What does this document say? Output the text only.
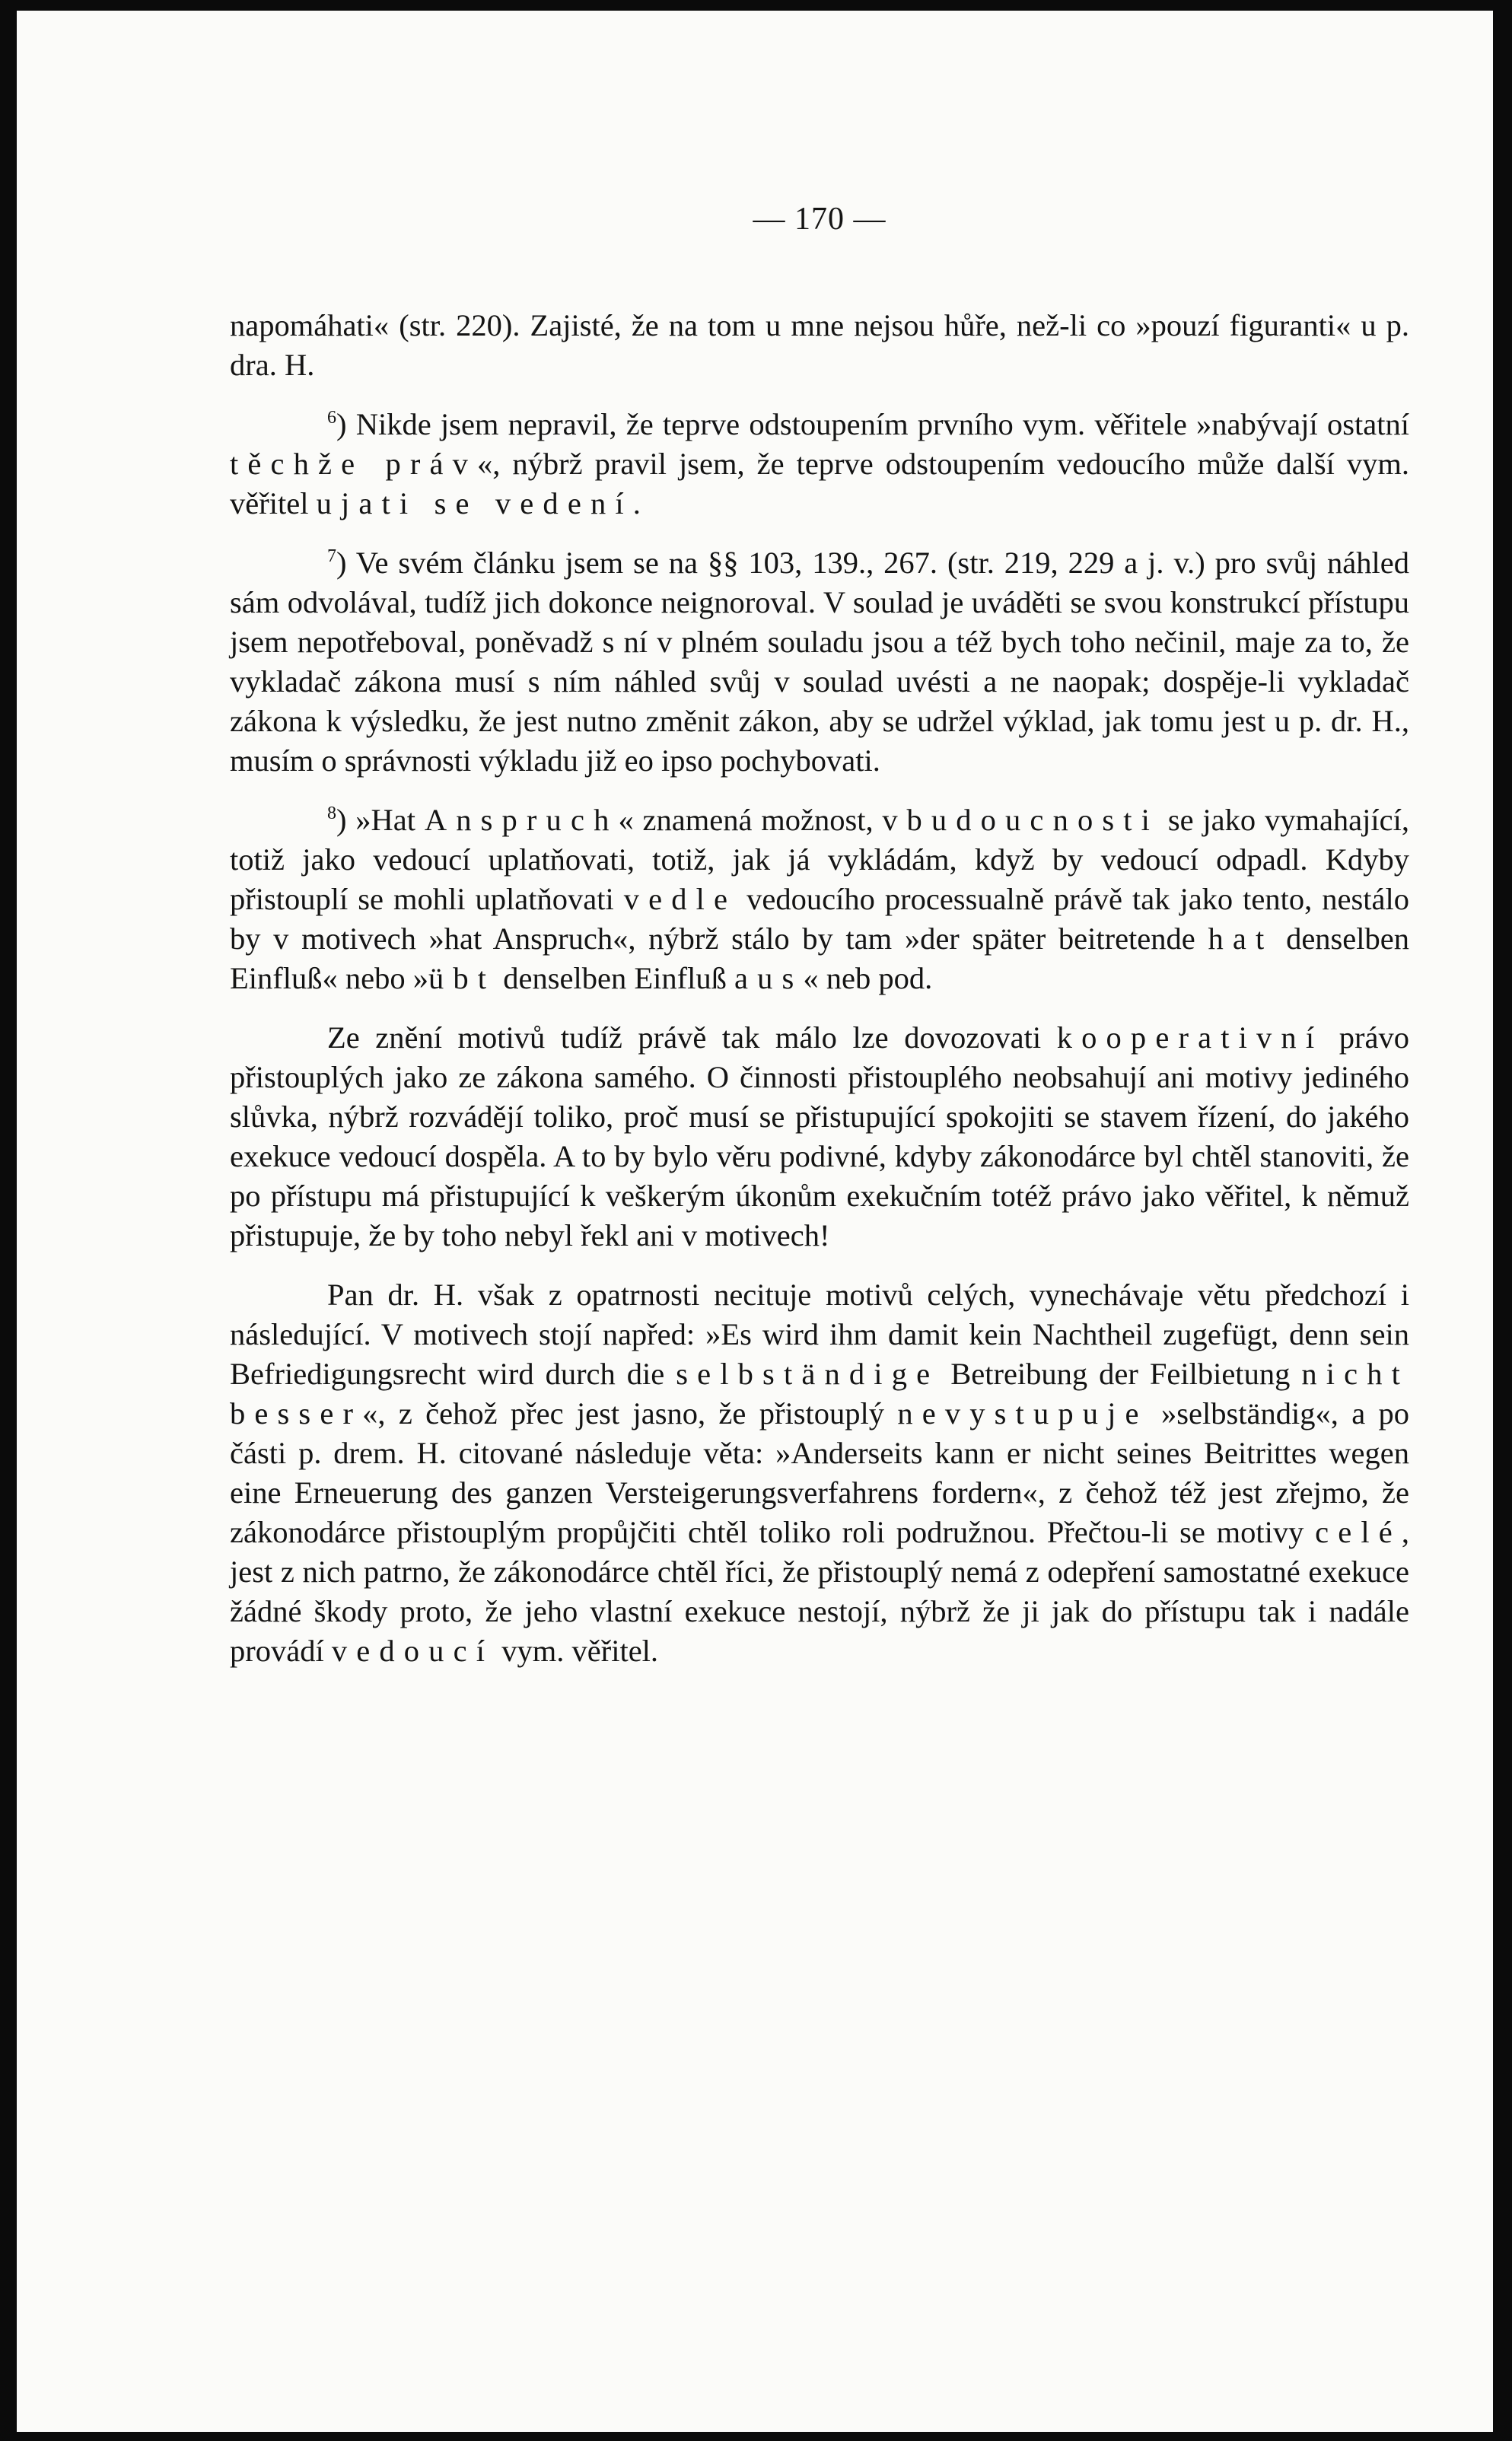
— 170 —

napomáhati« (str. 220). Zajisté, že na tom u mne nejsou hůře, než-li co »pouzí figuranti« u p. dra. H.

$^6$) Nikde jsem nepravil, že teprve odstoupením prvního vym. věřitele »nabývají ostatní těchže práv«, nýbrž pravil jsem, že teprve odstoupením vedoucího může další vym. věřitel ujati se vedení.

$^7$) Ve svém článku jsem se na §§ 103, 139., 267. (str. 219, 229 a j. v.) pro svůj náhled sám odvolával, tudíž jich dokonce neignoroval. V soulad je uváděti se svou konstrukcí přístupu jsem nepotřeboval, poněvadž s ní v plném souladu jsou a též bych toho nečinil, maje za to, že vykladač zákona musí s ním náhled svůj v soulad uvésti a ne naopak; dospěje-li vykladač zákona k výsledku, že jest nutno změnit zákon, aby se udržel výklad, jak tomu jest u p. dr. H., musím o správnosti výkladu již eo ipso pochybovati.

$^8$) »Hat Anspruch« znamená možnost, v budoucnosti se jako vymahající, totiž jako vedoucí uplatňovati, totiž, jak já vykládám, když by vedoucí odpadl. Kdyby přistouplí se mohli uplatňovati vedle vedoucího processualně právě tak jako tento, nestálo by v motivech »hat Anspruch«, nýbrž stálo by tam »der später beitretende hat denselben Einfluß« nebo »übt denselben Einfluß aus« neb pod.

Ze znění motivů tudíž právě tak málo lze dovozovati kooperativní právo přistouplých jako ze zákona samého. O činnosti přistouplého neobsahují ani motivy jediného slůvka, nýbrž rozvádějí toliko, proč musí se přistupující spokojiti se stavem řízení, do jakého exekuce vedoucí dospěla. A to by bylo věru podivné, kdyby zákonodárce byl chtěl stanoviti, že po přístupu má přistupující k veškerým úkonům exekučním totéž právo jako věřitel, k němuž přistupuje, že by toho nebyl řekl ani v motivech!

Pan dr. H. však z opatrnosti necituje motivů celých, vynechávaje větu předchozí i následující. V motivech stojí napřed: »Es wird ihm damit kein Nachtheil zugefügt, denn sein Befriedigungsrecht wird durch die selbständige Betreibung der Feilbietung nicht besser«, z čehož přec jest jasno, že přistouplý nevystupuje »selbständig«, a po části p. drem. H. citované následuje věta: »Anderseits kann er nicht seines Beitrittes wegen eine Erneuerung des ganzen Versteigerungsverfahrens fordern«, z čehož též jest zřejmo, že zákonodárce přistouplým propůjčiti chtěl toliko roli podružnou. Přečtou-li se motivy celé, jest z nich patrno, že zákonodárce chtěl říci, že přistouplý nemá z odepření samostatné exekuce žádné škody proto, že jeho vlastní exekuce nestojí, nýbrž že ji jak do přístupu tak i nadále provádí vedoucí vym. věřitel.
